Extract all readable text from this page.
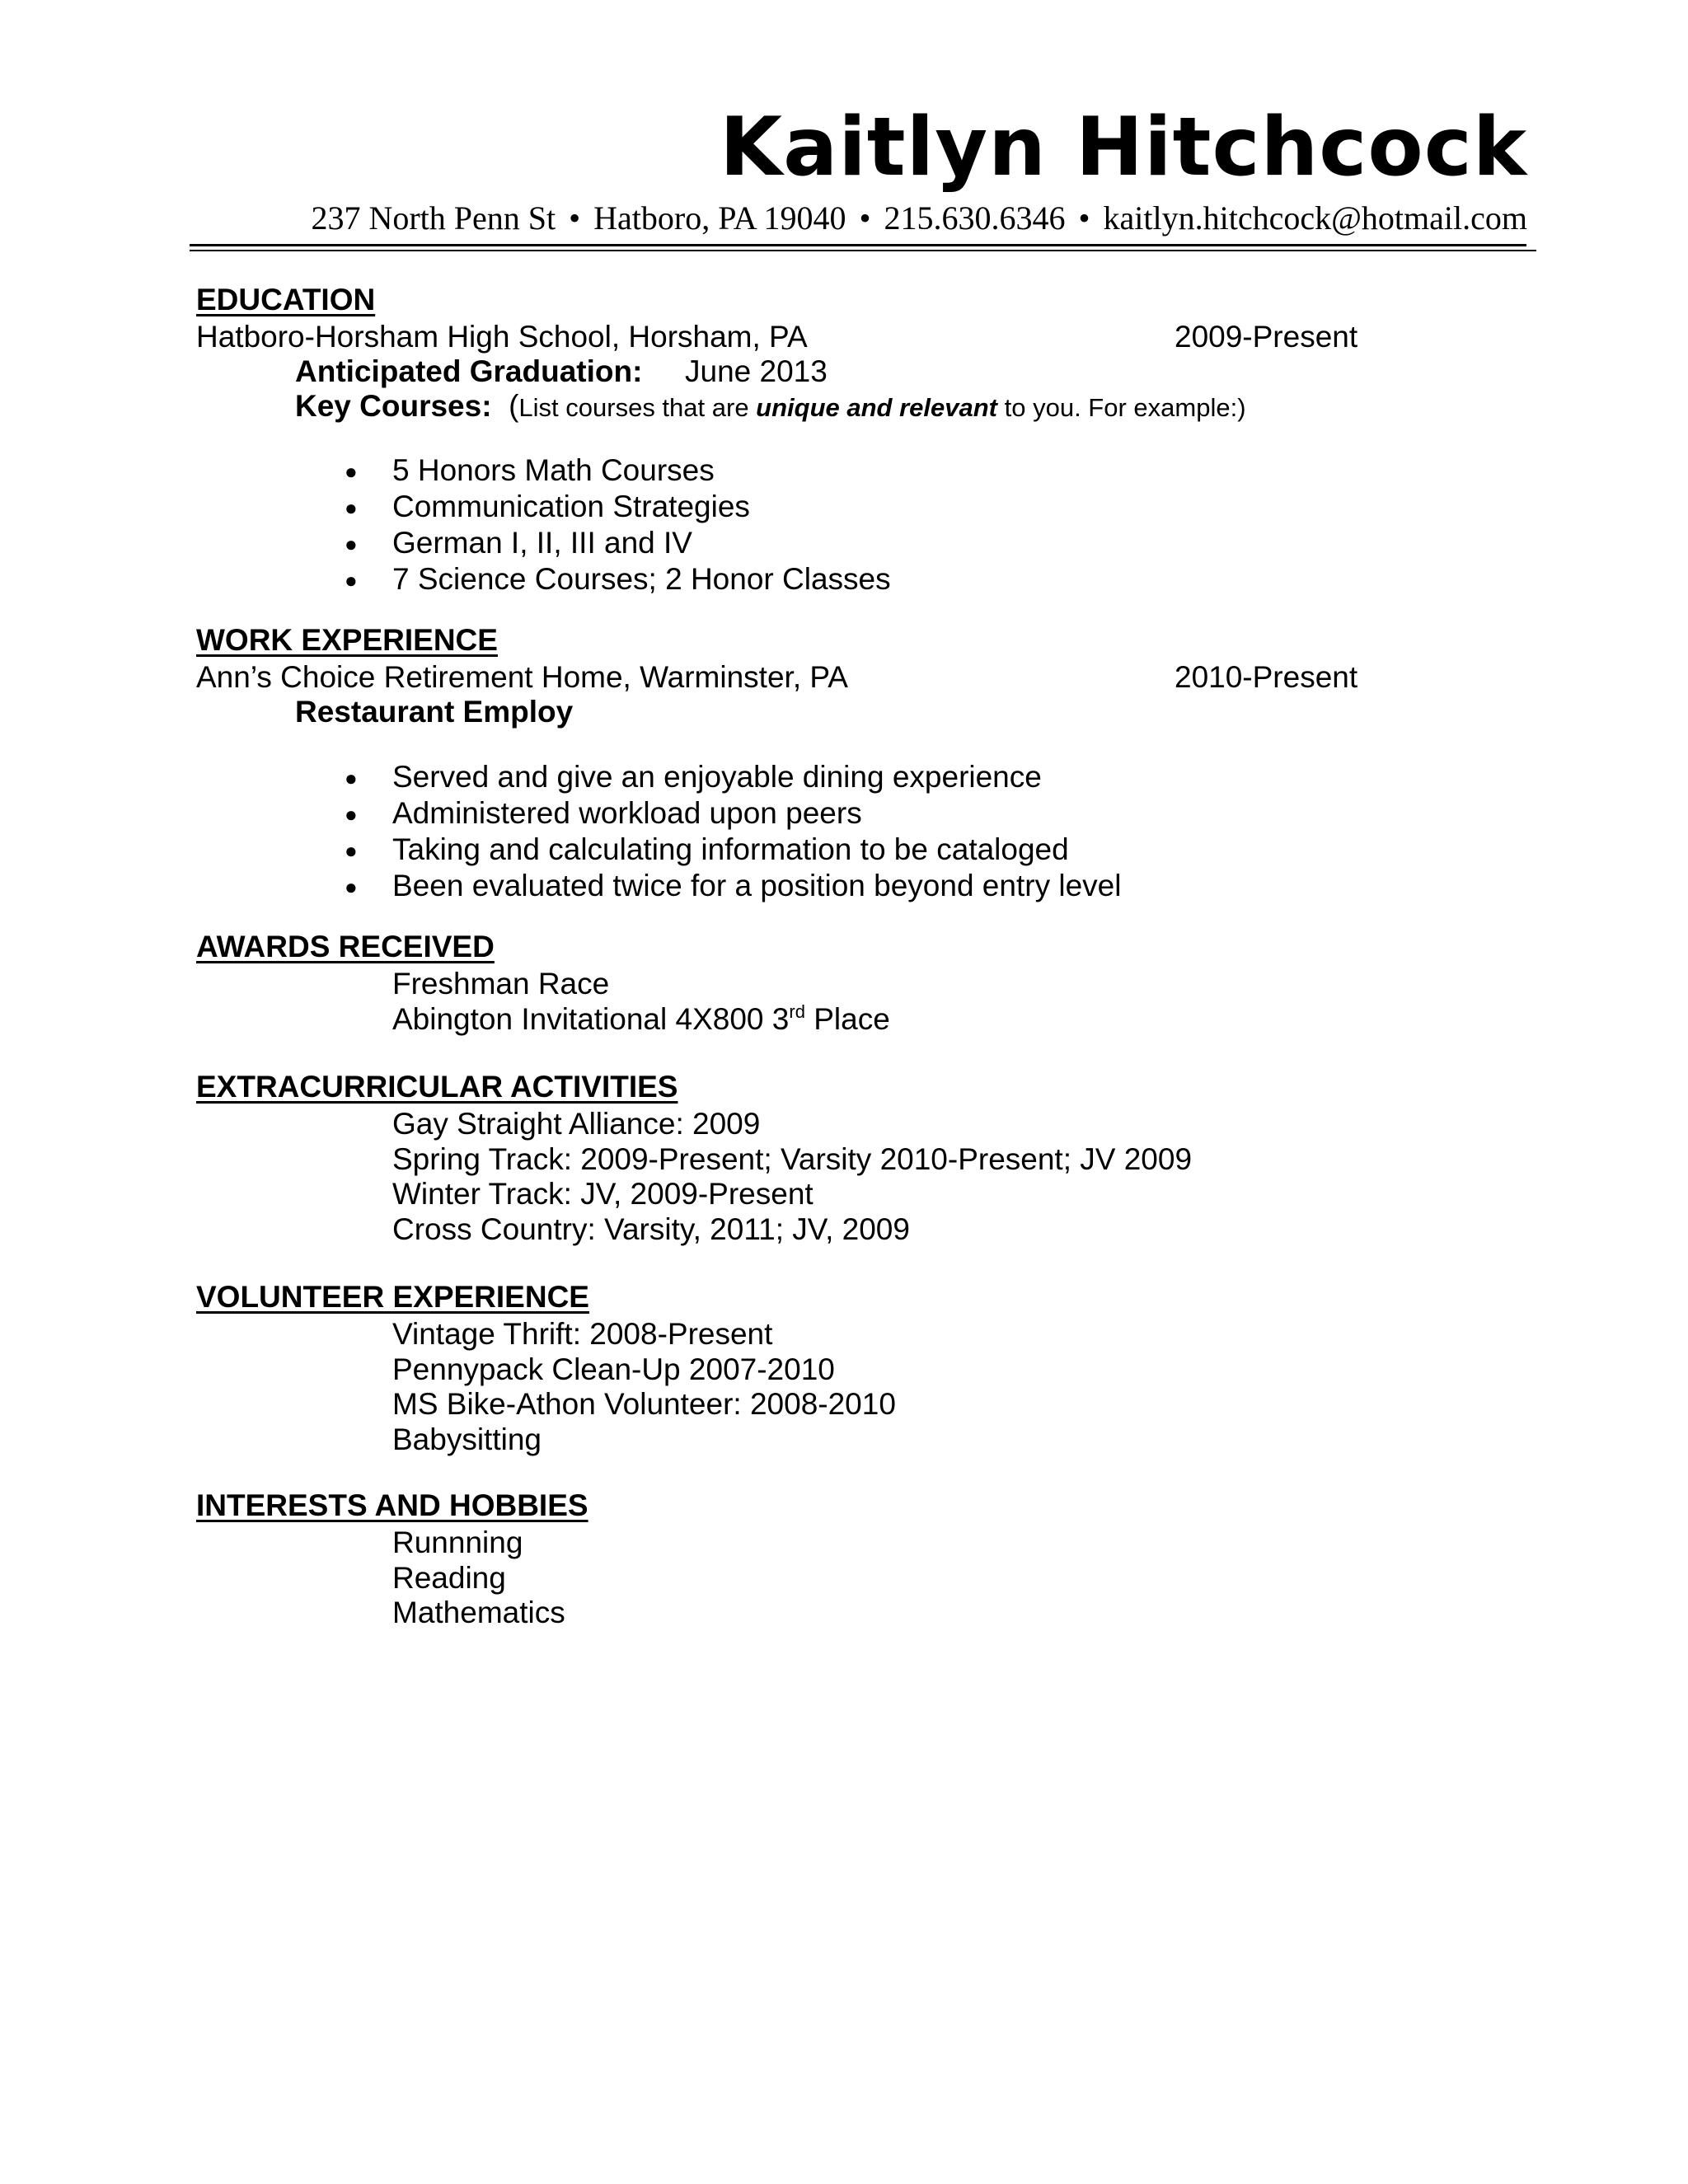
Kaitlyn Hitchcock
237 North Penn St • Hatboro, PA 19040 • 215.630.6346 • kaitlyn.hitchcock@hotmail.com
EDUCATION
Hatboro-Horsham High School, Horsham, PA	2009-Present
Anticipated Graduation: June 2013
Key Courses: (List courses that are unique and relevant to you. For example:)
● 5 Honors Math Courses
● Communication Strategies
● German I, II, III and IV
● 7 Science Courses; 2 Honor Classes
WORK EXPERIENCE
Ann’s Choice Retirement Home, Warminster, PA	2010-Present
Restaurant Employ
● Served and give an enjoyable dining experience
● Administered workload upon peers
● Taking and calculating information to be cataloged
● Been evaluated twice for a position beyond entry level
AWARDS RECEIVED
Freshman Race
Abington Invitational 4X800 3rd Place
EXTRACURRICULAR ACTIVITIES
Gay Straight Alliance: 2009
Spring Track: 2009-Present; Varsity 2010-Present; JV 2009
Winter Track: JV, 2009-Present
Cross Country: Varsity, 2011; JV, 2009
VOLUNTEER EXPERIENCE
Vintage Thrift: 2008-Present
Pennypack Clean-Up 2007-2010
MS Bike-Athon Volunteer: 2008-2010
Babysitting
INTERESTS AND HOBBIES
Runnning
Reading
Mathematics
